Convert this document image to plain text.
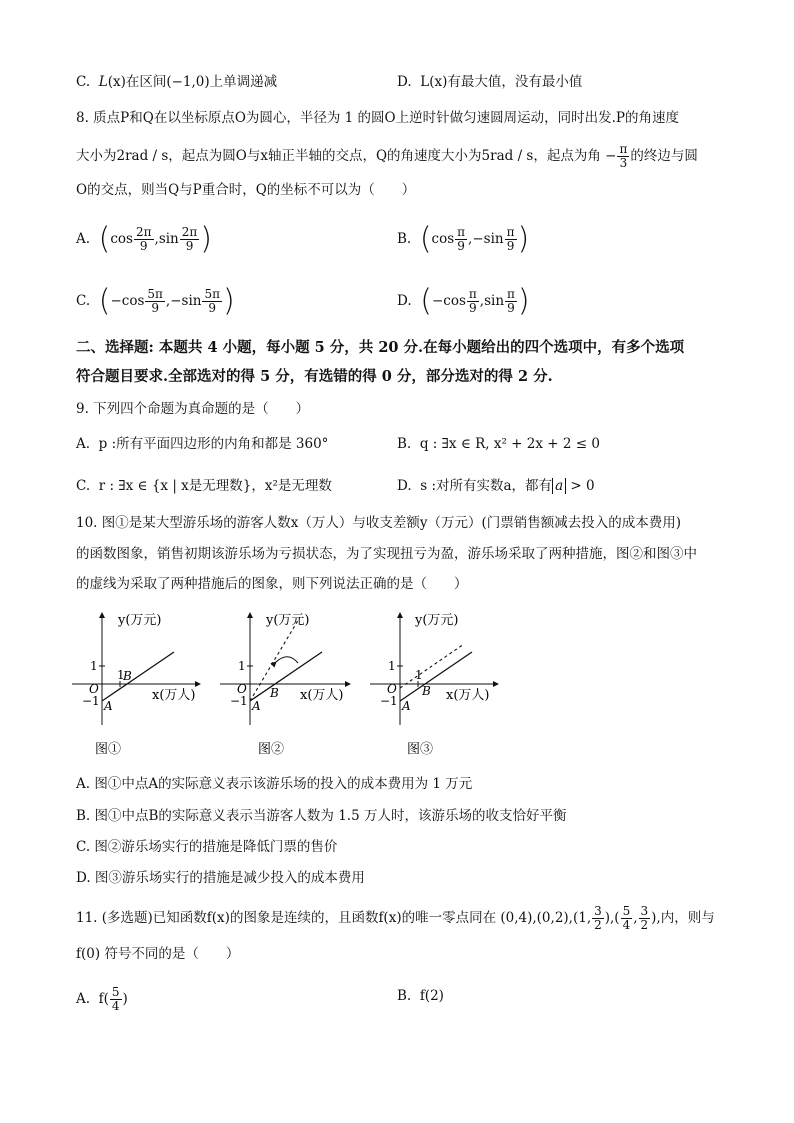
C. L(x)在区间(−1,0)上单调递减	D. L(x)有最大值，没有最小值
8. 质点P和Q在以坐标原点O为圆心，半径为 1 的圆O上逆时针做匀速圆周运动，同时出发.P的角速度
大小为2rad / s，起点为圆O与x轴正半轴的交点，Q的角速度大小为5rad / s，起点为角 − $\frac{\pi}{3}$ 的终边与圆
O的交点，则当Q与P重合时，Q的坐标不可以为（　　）
A. ($\cos \frac{2\pi}{9} ,\sin \frac{2\pi}{9}$ )	B. ($\cos \frac{\pi}{9} ,-\sin \frac{\pi}{9}$ )
C. ($-\cos \frac{5\pi}{9} ,-\sin \frac{5\pi}{9}$ )	D. ($-\cos \frac{\pi}{9} ,\sin \frac{\pi}{9}$ )
二、选择题: 本题共 4 小题，每小题 5 分，共 20 分.在每小题给出的四个选项中，有多个选项
符合题目要求.全部选对的得 5 分，有选错的得 0 分，部分选对的得 2 分.
9. 下列四个命题为真命题的是（　　）
A. p :所有平面四边形的内角和都是 360°	B. q : ∃x ∈ R, x² + 2x + 2 ≤ 0
C. r : ∃x ∈ {x | x是无理数}，x²是无理数	D. s :对所有实数a，都有 a > 0
10. 图①是某大型游乐场的游客人数x（万人）与收支差额y（万元）(门票销售额减去投入的成本费用)
的函数图象，销售初期该游乐场为亏损状态，为了实现扭亏为盈，游乐场采取了两种措施，图②和图③中
的虚线为采取了两种措施后的图象，则下列说法正确的是（　　）
y(万元)
x(万人)
1
1
O
−1 A
B
图①
y(万元)
x(万人)
1
O
−1 A
B
图②
y(万元)
x(万人)
1
1
O
−1 A
B
图③
A. 图①中点A的实际意义表示该游乐场的投入的成本费用为 1 万元
B. 图①中点B的实际意义表示当游客人数为 1.5 万人时，该游乐场的收支恰好平衡
C. 图②游乐场实行的措施是降低门票的售价
D. 图③游乐场实行的措施是减少投入的成本费用
11. (多选题)已知函数f(x)的图象是连续的，且函数f(x)的唯一零点同在 (0,4),(0,2),(1, $\frac{3}{2}$ ),( $\frac{5}{4}$ , $\frac{3}{2}$ ),内，则与
f(0) 符号不同的是（　　）
A. $f( \frac{5}{4}$ )	B. f(2)
